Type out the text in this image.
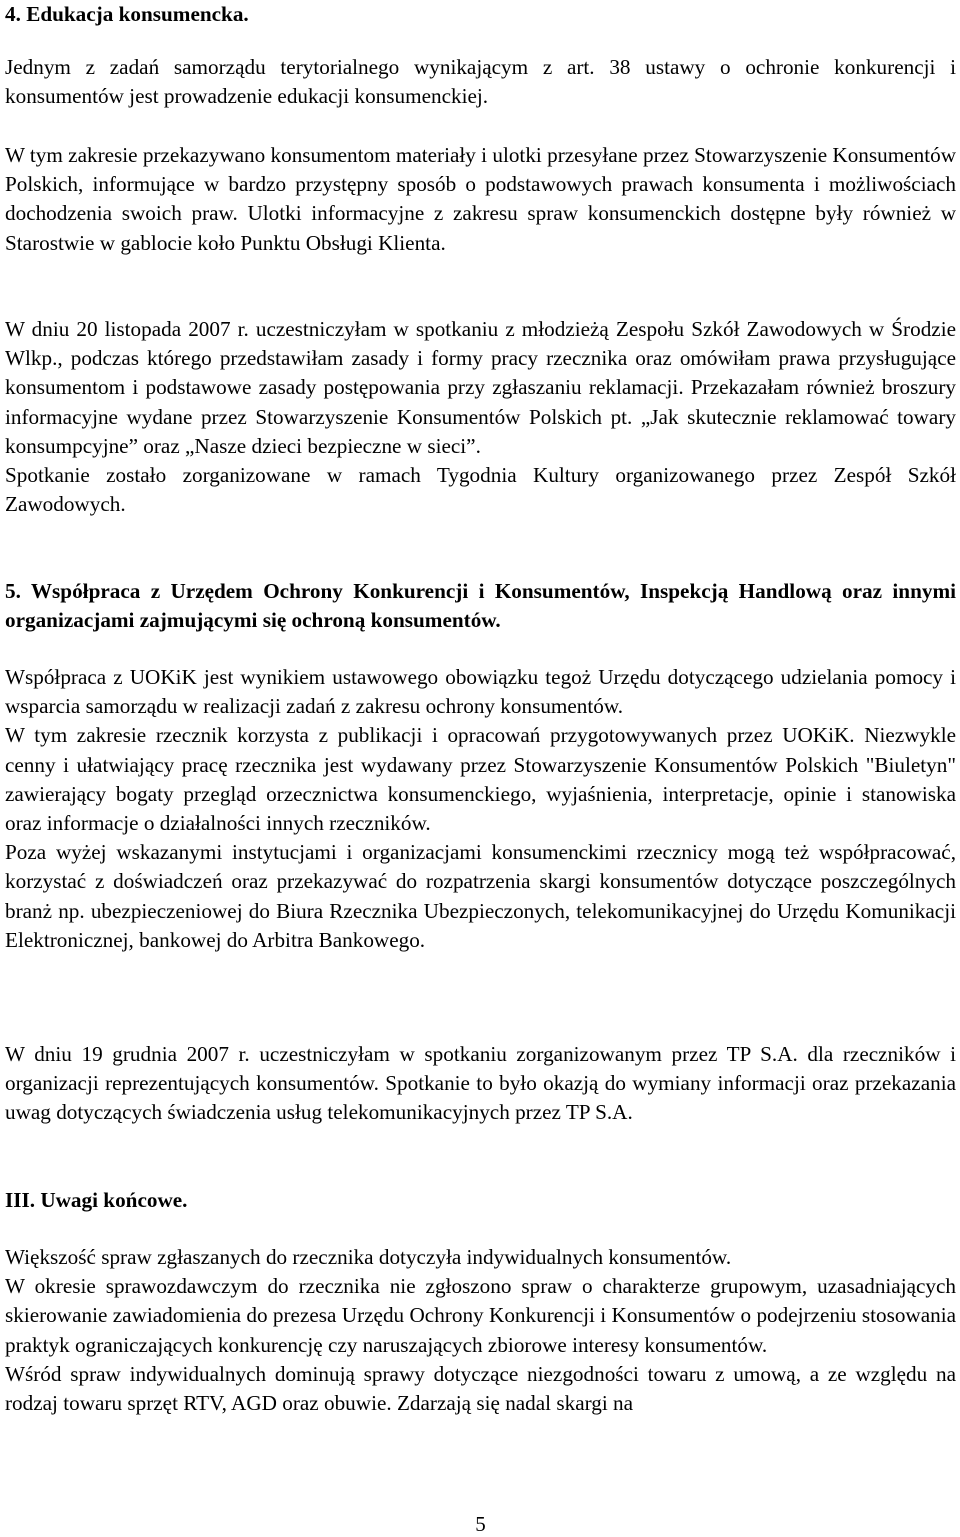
4. Edukacja konsumencka.

Jednym z zadań samorządu terytorialnego wynikającym z art. 38 ustawy o ochronie konkurencji i konsumentów jest prowadzenie edukacji konsumenckiej.

W tym zakresie przekazywano konsumentom materiały i ulotki przesyłane przez Stowarzyszenie Konsumentów Polskich, informujące w bardzo przystępny sposób o podstawowych prawach konsumenta i możliwościach dochodzenia swoich praw. Ulotki informacyjne z zakresu spraw konsumenckich dostępne były również w Starostwie w gablocie koło Punktu Obsługi Klienta.

W dniu 20 listopada 2007 r. uczestniczyłam w spotkaniu z młodzieżą Zespołu Szkół Zawodowych w Środzie Wlkp., podczas którego przedstawiłam zasady i formy pracy rzecznika oraz omówiłam prawa przysługujące konsumentom i podstawowe zasady postępowania przy zgłaszaniu reklamacji. Przekazałam również broszury informacyjne wydane przez Stowarzyszenie Konsumentów Polskich pt. „Jak skutecznie reklamować towary konsumpcyjne” oraz „Nasze dzieci bezpieczne w sieci”.

Spotkanie zostało zorganizowane w ramach Tygodnia Kultury organizowanego przez Zespół Szkół Zawodowych.

5. Współpraca z Urzędem Ochrony Konkurencji i Konsumentów, Inspekcją Handlową oraz innymi organizacjami zajmującymi się ochroną konsumentów.

Współpraca z UOKiK jest wynikiem ustawowego obowiązku tegoż Urzędu dotyczącego udzielania pomocy i wsparcia samorządu w realizacji zadań z zakresu ochrony konsumentów.

W tym zakresie rzecznik korzysta z publikacji i opracowań przygotowywanych przez UOKiK. Niezwykle cenny i ułatwiający pracę rzecznika jest wydawany przez Stowarzyszenie Konsumentów Polskich "Biuletyn" zawierający bogaty przegląd orzecznictwa konsumenckiego, wyjaśnienia, interpretacje, opinie i stanowiska oraz informacje o działalności innych rzeczników.

Poza wyżej wskazanymi instytucjami i organizacjami konsumenckimi rzecznicy mogą też współpracować, korzystać z doświadczeń oraz przekazywać do rozpatrzenia skargi konsumentów dotyczące poszczególnych branż np. ubezpieczeniowej do Biura Rzecznika Ubezpieczonych, telekomunikacyjnej do Urzędu Komunikacji Elektronicznej, bankowej do Arbitra Bankowego.

W dniu 19 grudnia 2007 r. uczestniczyłam w spotkaniu zorganizowanym przez TP S.A. dla rzeczników i organizacji reprezentujących konsumentów. Spotkanie to było okazją do wymiany informacji oraz przekazania uwag dotyczących świadczenia usług telekomunikacyjnych przez TP S.A.

III. Uwagi końcowe.

Większość spraw zgłaszanych do rzecznika dotyczyła indywidualnych konsumentów.

W okresie sprawozdawczym do rzecznika nie zgłoszono spraw o charakterze grupowym, uzasadniających skierowanie zawiadomienia do prezesa Urzędu Ochrony Konkurencji i Konsumentów o podejrzeniu stosowania praktyk ograniczających konkurencję czy naruszających zbiorowe interesy konsumentów.

Wśród spraw indywidualnych dominują sprawy dotyczące niezgodności towaru z umową, a ze względu na rodzaj towaru sprzęt RTV, AGD oraz obuwie. Zdarzają się nadal skargi na

5
